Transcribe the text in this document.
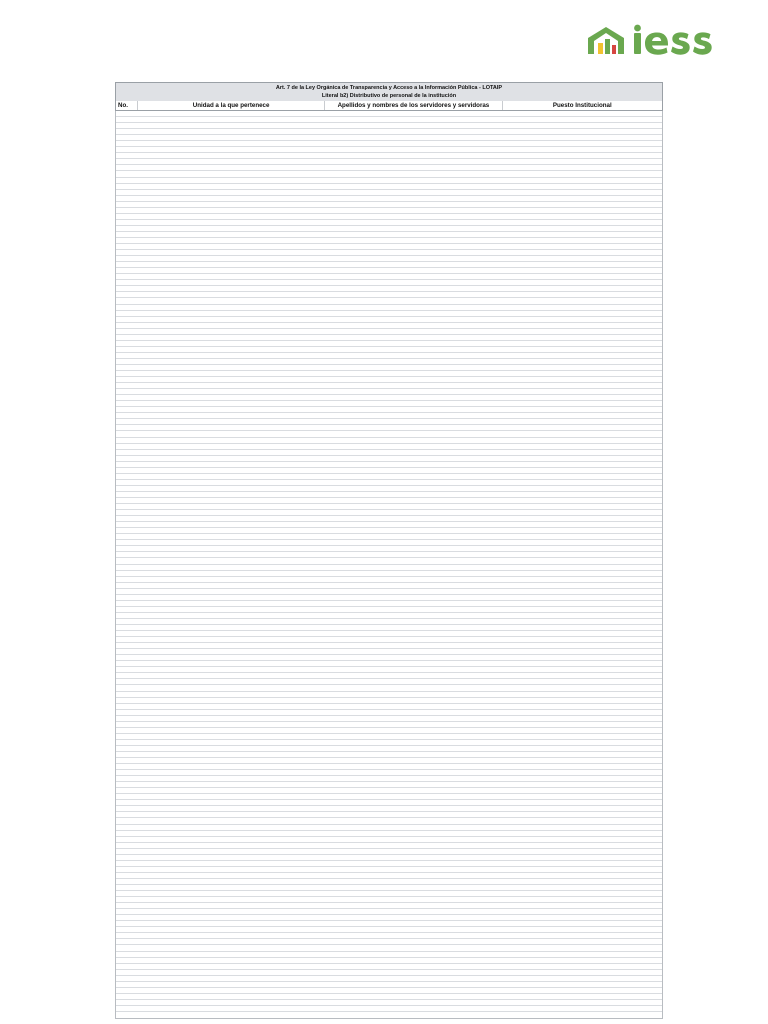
Art. 7 de la Ley Orgánica de Transparencia y Acceso a la Información Pública - LOTAIP
Literal b2) Distributivo de personal de la institución
No.	Unidad a la que pertenece	Apellidos y nombres de los servidores y servidoras	Puesto Institucional
